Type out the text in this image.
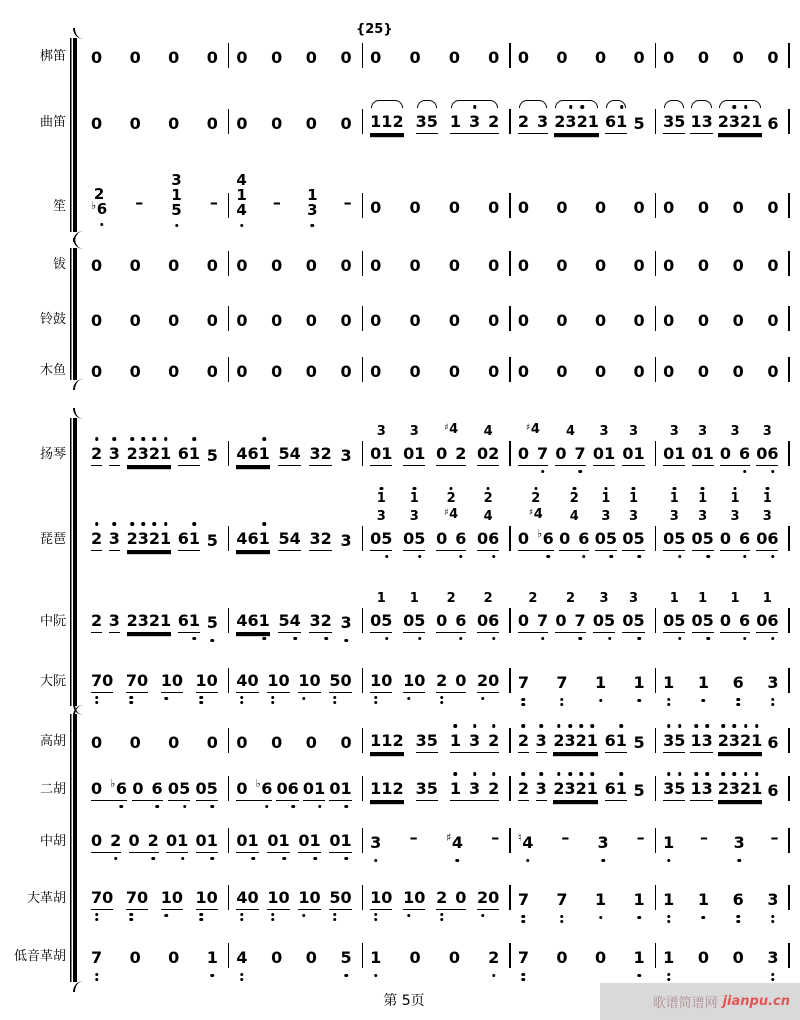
梆笛
曲笛
笙
钹
铃鼓
木鱼
扬琴
琵琶
中阮
大阮
高胡
二胡
中胡
大革胡
低音革胡
0 0 0 0 0 0 0 0 0 0 0 0 0 0 0 0 0 0 0 0
0 0 0 0 0 0 0 0 1 1 2 3 5 1 3 2 2 3 2 3 2 1 6 1 5 3 5 1 3 2 3 2 1 6
2
♭ 6 –
3
1
5 –
4
1
4 – 1
3 – 0 0 0 0 0 0 0 0 0 0 0 0
0 0 0 0 0 0 0 0 0 0 0 0 0 0 0 0 0 0 0 0
0 0 0 0 0 0 0 0 0 0 0 0 0 0 0 0 0 0 0 0
0 0 0 0 0 0 0 0 0 0 0 0 0 0 0 0 0 0 0 0
2 3 2 3 2 1 6 1 5 4 6 1 5 4 3 2 3
3
0 1
3
0 1
♯4
0 2
4
0 2
♯4
0 7
4
0 7
3
0 1
3
0 1
3
0 1
3
0 1
3
0 6
3
0 6
2 3 2 3 2 1 6 1 5 4 6 1 5 4 3 2 3
3
1
0 5
3
1
0 5
♯4
2
0 6
4
2
0 6
♯4
2
0 ♭ 6
4
2
0 6
3
1
0 5
3
1
0 5
3
1
0 5
3
1
0 5
3
1
0 6
3
1
0 6
2 3 2 3 2 1 6 1 5 4 6 1 5 4 3 2 3
1
0 5
1
0 5
2
0 6
2
0 6
2
0 7
2
0 7
3
0 5
3
0 5
1
0 5
1
0 5
1
0 6
1
0 6
7 0 7 0 1 0 1 0 4 0 1 0 1 0 5 0 1 0 1 0 2 0 2 0 7 7 1 1 1 1 6 3
0 0 0 0 0 0 0 0 1 1 2 3 5 1 3 2 2 3 2 3 2 1 6 1 5 3 5 1 3 2 3 2 1 6
0 ♭ 6 0 6 0 5 0 5 0 ♭ 6 0 6 0 1 0 1 1 1 2 3 5 1 3 2 2 3 2 3 2 1 6 1 5 3 5 1 3 2 3 2 1 6
0 2 0 2 0 1 0 1 0 1 0 1 0 1 0 1 3 –	♯ 4 – ♮ 4 – 3 – 1 – 3 –
7 0 7 0 1 0 1 0 4 0 1 0 1 0 5 0 1 0 1 0 2 0 2 0 7 7 1 1 1 1 6 3
7 0 0 1 4 0 0 5 1 0 0 2 7 0 0 1 1 0 0 3
{25}
第 5页	歌谱简谱网 jianpu.cn
